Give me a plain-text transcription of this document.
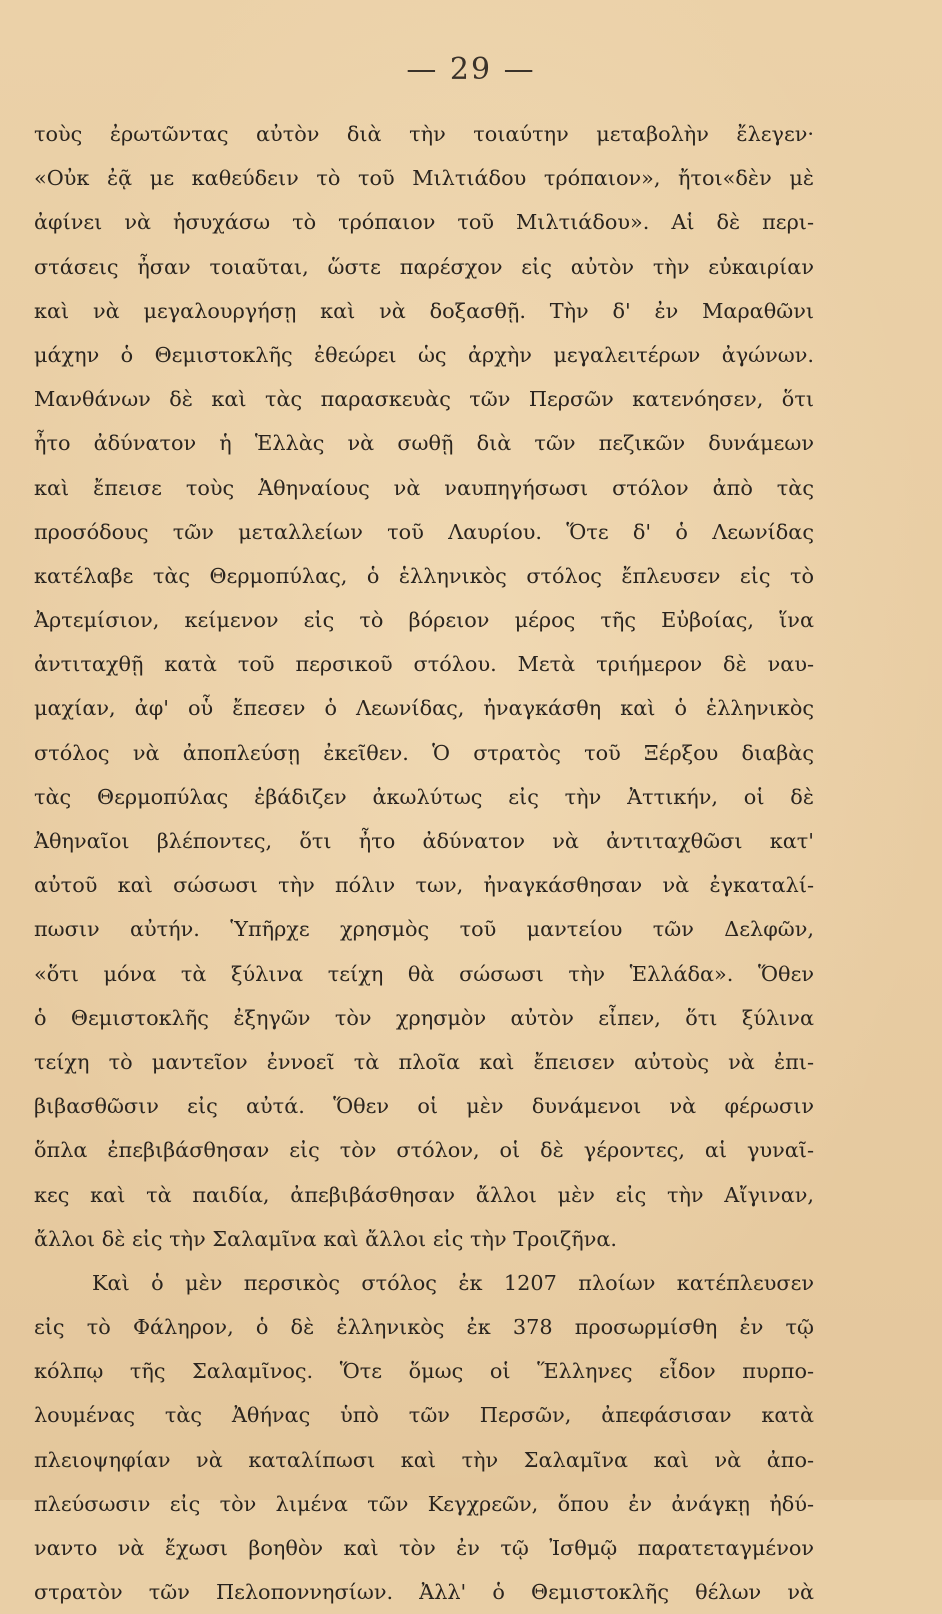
— 29 —
τοὺς ἐρωτῶντας αὐτὸν διὰ τὴν τοιαύτην μεταβολὴν ἔλεγεν·
«Οὐκ ἐᾷ με καθεύδειν τὸ τοῦ Μιλτιάδου τρόπαιον», ἤτοι«δὲν μὲ
ἀφίνει νὰ ἡσυχάσω τὸ τρόπαιον τοῦ Μιλτιάδου». Αἱ δὲ περι-
στάσεις ἦσαν τοιαῦται, ὥστε παρέσχον εἰς αὐτὸν τὴν εὐκαιρίαν
καὶ νὰ μεγαλουργήσῃ καὶ νὰ δοξασθῇ. Τὴν δ' ἐν Μαραθῶνι
μάχην ὁ Θεμιστοκλῆς ἐθεώρει ὡς ἀρχὴν μεγαλειτέρων ἀγώνων.
Μανθάνων δὲ καὶ τὰς παρασκευὰς τῶν Περσῶν κατενόησεν, ὅτι
ἦτο ἀδύνατον ἡ Ἑλλὰς νὰ σωθῇ διὰ τῶν πεζικῶν δυνάμεων
καὶ ἔπεισε τοὺς Ἀθηναίους νὰ ναυπηγήσωσι στόλον ἀπὸ τὰς
προσόδους τῶν μεταλλείων τοῦ Λαυρίου. Ὅτε δ' ὁ Λεωνίδας
κατέλαβε τὰς Θερμοπύλας, ὁ ἑλληνικὸς στόλος ἔπλευσεν εἰς τὸ
Ἀρτεμίσιον, κείμενον εἰς τὸ βόρειον μέρος τῆς Εὐβοίας, ἵνα
ἀντιταχθῇ κατὰ τοῦ περσικοῦ στόλου. Μετὰ τριήμερον δὲ ναυ-
μαχίαν, ἀφ' οὗ ἔπεσεν ὁ Λεωνίδας, ἠναγκάσθη καὶ ὁ ἑλληνικὸς
στόλος νὰ ἀποπλεύσῃ ἐκεῖθεν. Ὁ στρατὸς τοῦ Ξέρξου διαβὰς
τὰς Θερμοπύλας ἐβάδιζεν ἀκωλύτως εἰς τὴν Ἀττικήν, οἱ δὲ
Ἀθηναῖοι βλέποντες, ὅτι ἦτο ἀδύνατον νὰ ἀντιταχθῶσι κατ'
αὐτοῦ καὶ σώσωσι τὴν πόλιν των, ἠναγκάσθησαν νὰ ἐγκαταλί-
πωσιν αὐτήν. Ὑπῆρχε χρησμὸς τοῦ μαντείου τῶν Δελφῶν,
«ὅτι μόνα τὰ ξύλινα τείχη θὰ σώσωσι τὴν Ἑλλάδα». Ὅθεν
ὁ Θεμιστοκλῆς ἐξηγῶν τὸν χρησμὸν αὐτὸν εἶπεν, ὅτι ξύλινα
τείχη τὸ μαντεῖον ἐννοεῖ τὰ πλοῖα καὶ ἔπεισεν αὐτοὺς νὰ ἐπι-
βιβασθῶσιν εἰς αὐτά. Ὅθεν οἱ μὲν δυνάμενοι νὰ φέρωσιν
ὅπλα ἐπεβιβάσθησαν εἰς τὸν στόλον, οἱ δὲ γέροντες, αἱ γυναῖ-
κες καὶ τὰ παιδία, ἀπεβιβάσθησαν ἄλλοι μὲν εἰς τὴν Αἴγιναν,
ἄλλοι δὲ εἰς τὴν Σαλαμῖνα καὶ ἄλλοι εἰς τὴν Τροιζῆνα.
Καὶ ὁ μὲν περσικὸς στόλος ἐκ 1207 πλοίων κατέπλευσεν
εἰς τὸ Φάληρον, ὁ δὲ ἑλληνικὸς ἐκ 378 προσωρμίσθη ἐν τῷ
κόλπῳ τῆς Σαλαμῖνος. Ὅτε ὅμως οἱ Ἕλληνες εἶδον πυρπο-
λουμένας τὰς Ἀθήνας ὑπὸ τῶν Περσῶν, ἀπεφάσισαν κατὰ
πλειοψηφίαν νὰ καταλίπωσι καὶ τὴν Σαλαμῖνα καὶ νὰ ἀπο-
πλεύσωσιν εἰς τὸν λιμένα τῶν Κεγχρεῶν, ὅπου ἐν ἀνάγκῃ ἠδύ-
ναντο νὰ ἔχωσι βοηθὸν καὶ τὸν ἐν τῷ Ἰσθμῷ παρατεταγμένον
στρατὸν τῶν Πελοποννησίων. Ἀλλ' ὁ Θεμιστοκλῆς θέλων νὰ
